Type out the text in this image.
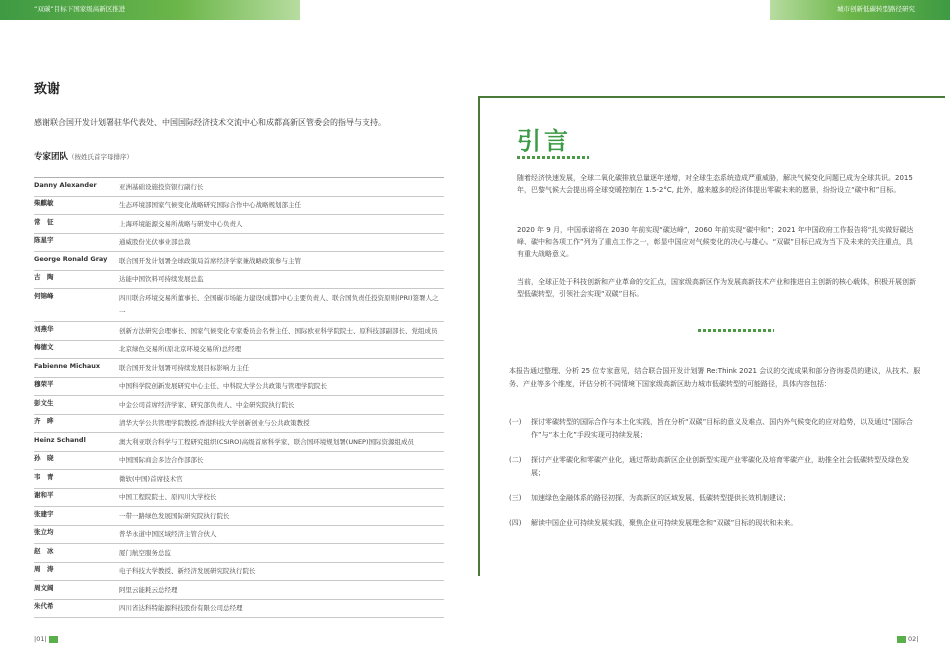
“双碳”目标下国家级高新区推进	城市创新低碳转型路径研究
致谢
感谢联合国开发计划署驻华代表处、中国国际经济技术交流中心和成都高新区管委会的指导与支持。
专家团队（按姓氏首字母排序）
Danny Alexander	亚洲基础设施投资银行副行长
柴麒敏	生态环境部国家气候变化战略研究国际合作中心战略规划部主任
常　征	上海环境能源交易所战略与研发中心负责人
陈星宇	通威股份光伏事业部总裁
George Ronald Gray	联合国开发计划署全球政策局首席经济学家兼战略政策参与主管
古　陶	达能中国饮料可持续发展总监
何锦峰	四川联合环境交易所董事长、全国碳市场能力建设(成都)中心主要负责人、联合国负责任投资原则(PRI)签署人之一
刘燕华	创新方法研究会理事长、国家气候变化专家委员会名誉主任、国际欧亚科学院院士、原科技部副部长、党组成员
梅德文	北京绿色交易所(原北京环境交易所)总经理
Fabienne Michaux	联合国开发计划署可持续发展目标影响力主任
穆荣平	中国科学院创新发展研究中心主任、中科院大学公共政策与管理学院院长
彭文生	中金公司首席经济学家、研究部负责人、中金研究院执行院长
齐　晔	清华大学公共管理学院教授,香港科技大学创新创业与公共政策教授
Heinz Schandl	澳大利亚联合科学与工程研究组织(CSIRO)高级首席科学家、联合国环境规划署(UNEP)国际资源组成员
孙　晓	中国国际商会多边合作部部长
韦　青	微软(中国)首席技术官
谢和平	中国工程院院士、原四川大学校长
张建宇	一带一路绿色发展国际研究院执行院长
张立均	普华永道中国区域经济主管合伙人
赵　冰	厦门航空服务总监
周　涛	电子科技大学教授、新经济发展研究院执行院长
周文阔	阿里云能耗云总经理
朱代希	四川省达科特能源科技股份有限公司总经理
引言
随着经济快速发展，全球二氧化碳排放总量逐年递增，对全球生态系统造成严重威胁，解决气候变化问题已成为全球共识。2015 年，巴黎气候大会提出将全球变暖控制在 1.5-2°C, 此外，越来越多的经济体提出零碳未来的愿景，纷纷设立“碳中和”目标。
2020 年 9 月，中国承诺将在 2030 年前实现“碳达峰”，2060 年前实现“碳中和”；2021 年中国政府工作报告将“扎实做好碳达峰、碳中和各项工作”列为了重点工作之一，彰显中国应对气候变化的决心与雄心。“双碳”目标已成为当下及未来的关注重点，具有重大战略意义。
当前，全球正处于科技创新和产业革命的交汇点，国家级高新区作为发展高新技术产业和推进自主创新的核心载体，积极开展创新型低碳转型，引领社会实现“双碳”目标。
本报告通过整理、分析 25 位专家意见，结合联合国开发计划署 Re:Think 2021 会议的交流成果和部分咨询委员的建议，从技术、服务、产业等多个维度，评估分析不同情境下国家级高新区助力城市低碳转型的可能路径，具体内容包括：
(一)	探讨零碳转型的国际合作与本土化实践，旨在分析“双碳”目标的意义及难点、国内外气候变化的应对趋势，以及通过“国际合作”与“本土化”手段实现可持续发展；
(二)	探讨产业零碳化和零碳产业化，通过帮助高新区企业创新型实现产业零碳化及培育零碳产业，助推全社会低碳转型及绿色发展；
(三)	加速绿色金融体系的路径初探，为高新区的区域发展、低碳转型提供长效机制建议；
(四)	解读中国企业可持续发展实践，聚焦企业可持续发展理念和“双碳”目标的现状和未来。
|01|	02|
